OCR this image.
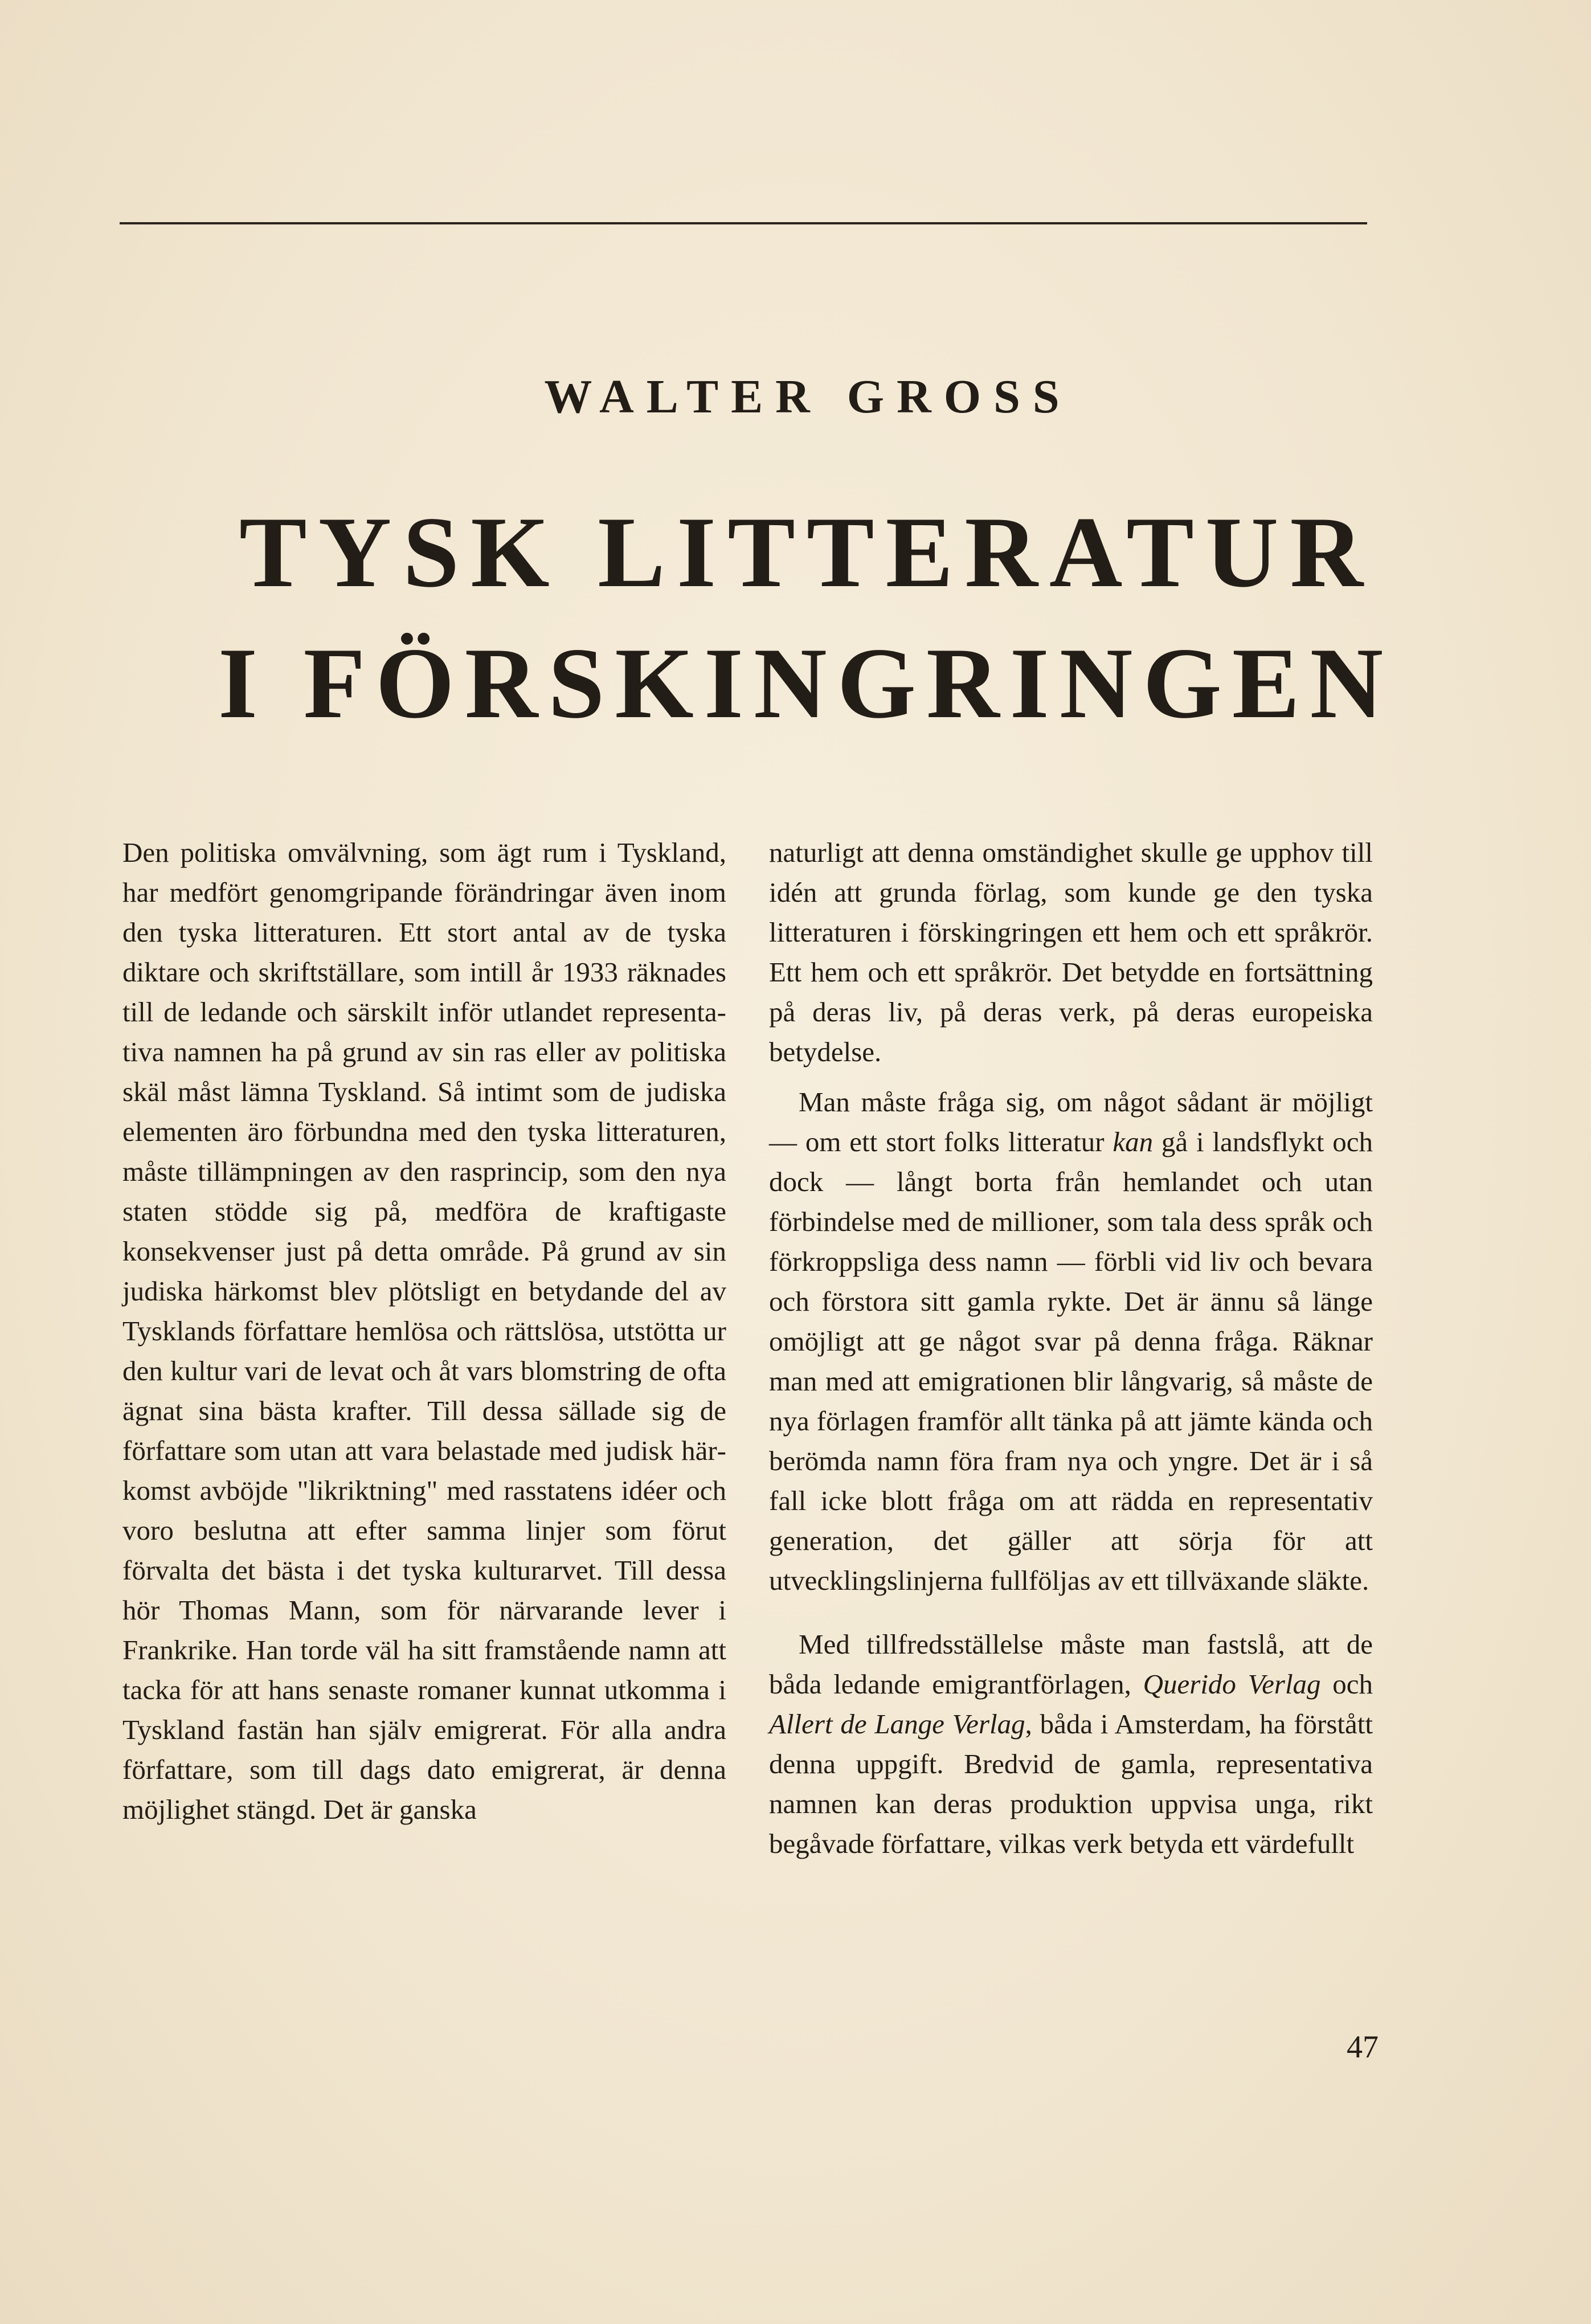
WALTER GROSS
TYSK LITTERATUR
I FÖRSKINGRINGEN

Den politiska omvälvning, som ägt rum i Tyskland, har medfört genomgripande förändringar även inom den tyska litteraturen. Ett stort antal av de tyska diktare och skriftställare, som intill år 1933 räknades till de ledande och särskilt inför utlandet representativa namnen ha på grund av sin ras eller av politiska skäl måst lämna Tyskland. Så intimt som de judiska elementen äro förbundna med den tyska litteraturen, måste tillämpningen av den rasprincip, som den nya staten stödde sig på, medföra de kraftigaste konsekvenser just på detta område. På grund av sin judiska härkomst blev plötsligt en betydande del av Tysklands författare hemlösa och rättslösa, utstötta ur den kultur vari de levat och åt vars blomstring de ofta ägnat sina bästa krafter. Till dessa sällade sig de författare som utan att vara belastade med judisk härkomst avböjde "likriktning" med rasstatens idéer och voro beslutna att efter samma linjer som förut förvalta det bästa i det tyska kulturarvet. Till dessa hör Thomas Mann, som för närvarande lever i Frankrike. Han torde väl ha sitt framstående namn att tacka för att hans senaste romaner kunnat utkomma i Tyskland fastän han själv emigrerat. För alla andra författare, som till dags dato emigrerat, är denna möjlighet stängd. Det är ganska

naturligt att denna omständighet skulle ge upphov till idén att grunda förlag, som kunde ge den tyska litteraturen i förskingringen ett hem och ett språkrör. Ett hem och ett språkrör. Det betydde en fortsättning på deras liv, på deras verk, på deras europeiska betydelse.

Man måste fråga sig, om något sådant är möjligt — om ett stort folks litteratur kan gå i landsflykt och dock — långt borta från hemlandet och utan förbindelse med de millioner, som tala dess språk och förkroppsliga dess namn — förbli vid liv och bevara och förstora sitt gamla rykte. Det är ännu så länge omöjligt att ge något svar på denna fråga. Räknar man med att emigrationen blir långvarig, så måste de nya förlagen framför allt tänka på att jämte kända och berömda namn föra fram nya och yngre. Det är i så fall icke blott fråga om att rädda en representativ generation, det gäller att sörja för att utvecklingslinjerna fullföljas av ett tillväxande släkte.

Med tillfredsställelse måste man fastslå, att de båda ledande emigrantförlagen, Querido Verlag och Allert de Lange Verlag, båda i Amsterdam, ha förstått denna uppgift. Bredvid de gamla, representativa namnen kan deras produktion uppvisa unga, rikt begåvade författare, vilkas verk betyda ett värdefullt

47
